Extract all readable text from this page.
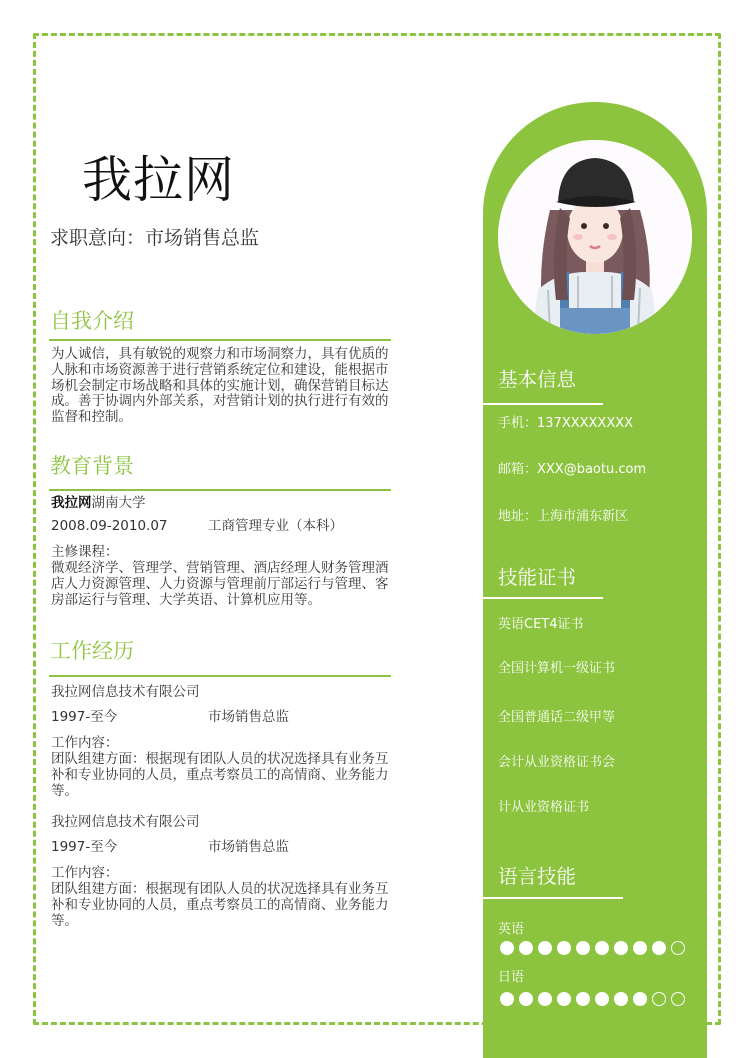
我拉网
求职意向：市场销售总监
自我介绍
为人诚信，具有敏锐的观察力和市场洞察力，具有优质的人脉和市场资源善于进行营销系统定位和建设，能根据市场机会制定市场战略和具体的实施计划，确保营销目标达成。善于协调内外部关系，对营销计划的执行进行有效的监督和控制。
教育背景
我拉网湖南大学
2008.09-2010.07	工商管理专业（本科）
主修课程：
微观经济学、管理学、营销管理、酒店经理人财务管理酒店人力资源管理、人力资源与管理前厅部运行与管理、客房部运行与管理、大学英语、计算机应用等。
工作经历
我拉网信息技术有限公司
1997-至今	市场销售总监
工作内容：
团队组建方面：根据现有团队人员的状况选择具有业务互补和专业协同的人员，重点考察员工的高情商、业务能力等。
我拉网信息技术有限公司
1997-至今	市场销售总监
工作内容：
团队组建方面：根据现有团队人员的状况选择具有业务互补和专业协同的人员，重点考察员工的高情商、业务能力等。
基本信息
手机：137XXXXXXXX
邮箱：XXX@baotu.com
地址：上海市浦东新区
技能证书
英语CET4证书
全国计算机一级证书
全国普通话二级甲等
会计从业资格证书会
计从业资格证书
语言技能
英语
日语
